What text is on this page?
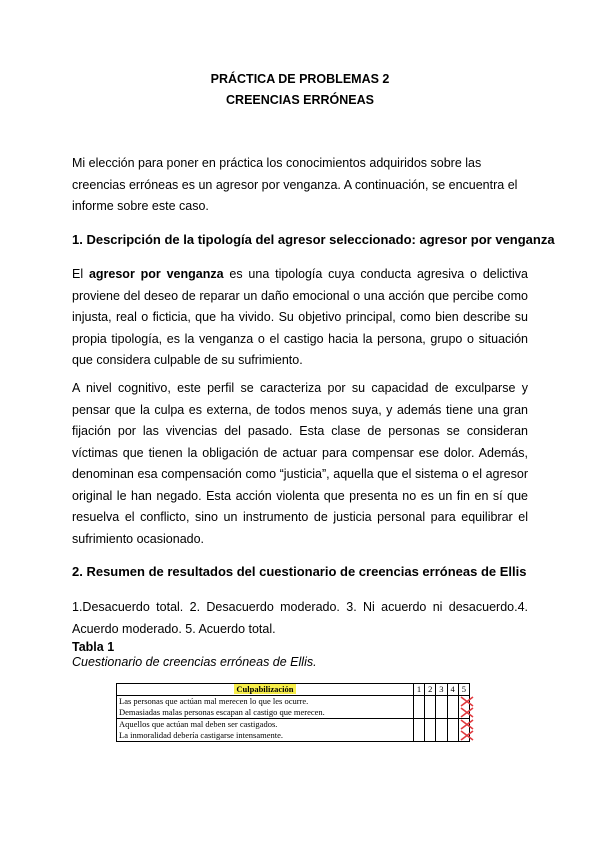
PRÁCTICA DE PROBLEMAS 2
CREENCIAS ERRÓNEAS

Mi elección para poner en práctica los conocimientos adquiridos sobre las creencias erróneas es un agresor por venganza. A continuación, se encuentra el informe sobre este caso.

1. Descripción de la tipología del agresor seleccionado: agresor por venganza

El agresor por venganza es una tipología cuya conducta agresiva o delictiva proviene del deseo de reparar un daño emocional o una acción que percibe como injusta, real o ficticia, que ha vivido. Su objetivo principal, como bien describe su propia tipología, es la venganza o el castigo hacia la persona, grupo o situación que considera culpable de su sufrimiento.

A nivel cognitivo, este perfil se caracteriza por su capacidad de exculparse y pensar que la culpa es externa, de todos menos suya, y además tiene una gran fijación por las vivencias del pasado. Esta clase de personas se consideran víctimas que tienen la obligación de actuar para compensar ese dolor. Además, denominan esa compensación como “justicia”, aquella que el sistema o el agresor original le han negado. Esta acción violenta que presenta no es un fin en sí que resuelva el conflicto, sino un instrumento de justicia personal para equilibrar el sufrimiento ocasionado.

2. Resumen de resultados del cuestionario de creencias erróneas de Ellis

1.Desacuerdo total. 2. Desacuerdo moderado. 3. Ni acuerdo ni desacuerdo.4. Acuerdo moderado. 5. Acuerdo total.

Tabla 1
Cuestionario de creencias erróneas de Ellis.
Culpabilización	1	2	3	4	5

Las personas que actúan mal merecen lo que les ocurre.
Demasiadas malas personas escapan al castigo que merecen.

Aquellos que actúan mal deben ser castigados.
La inmoralidad debería castigarse intensamente.
